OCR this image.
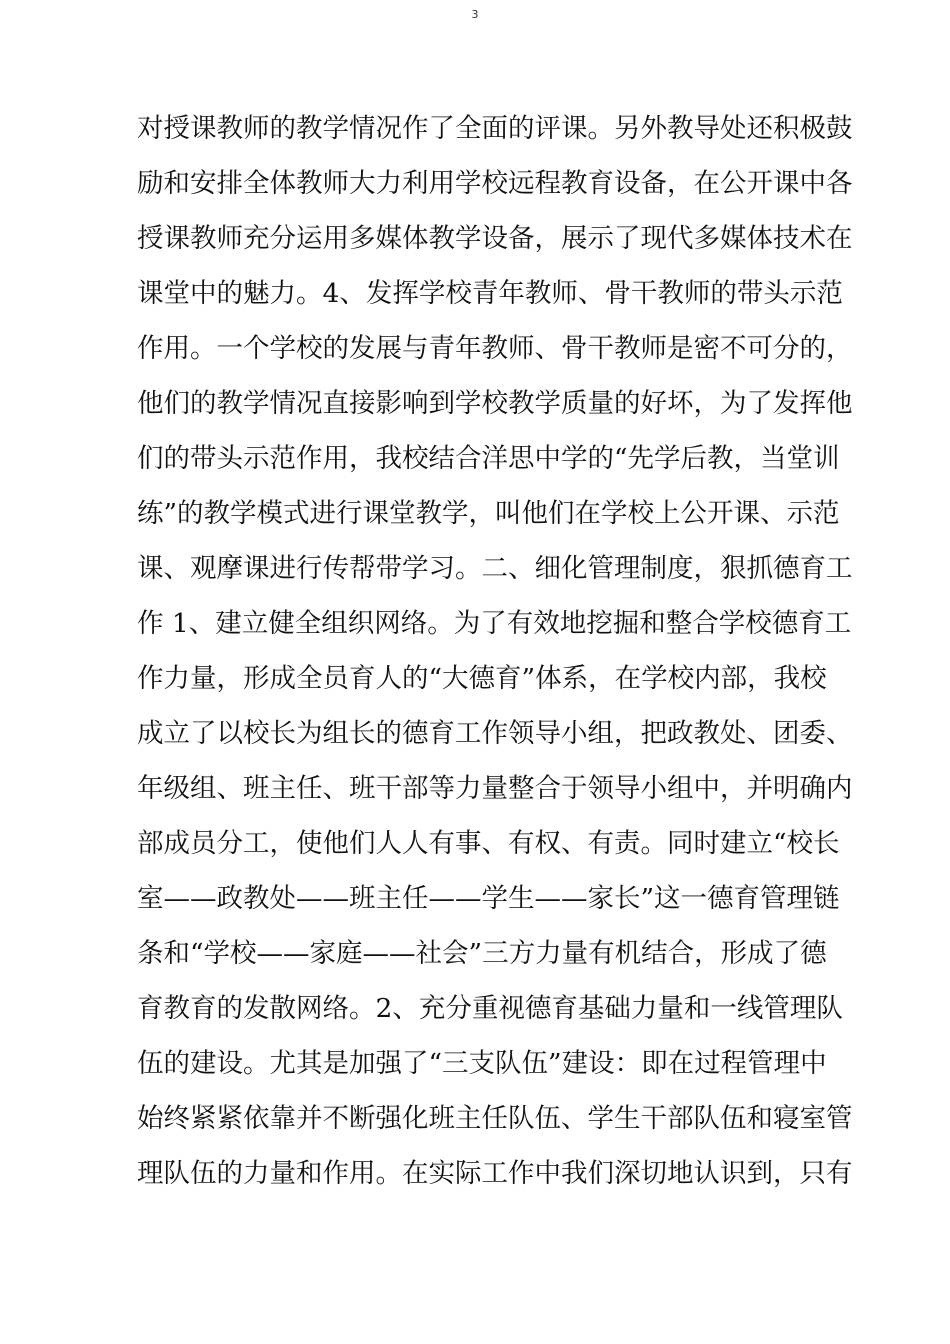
3
对授课教师的教学情况作了全面的评课。另外教导处还积极鼓
励和安排全体教师大力利用学校远程教育设备，在公开课中各
授课教师充分运用多媒体教学设备，展示了现代多媒体技术在
课堂中的魅力。4、发挥学校青年教师、骨干教师的带头示范
作用。一个学校的发展与青年教师、骨干教师是密不可分的，
他们的教学情况直接影响到学校教学质量的好坏，为了发挥他
们的带头示范作用，我校结合洋思中学的“先学后教，当堂训
练”的教学模式进行课堂教学，叫他们在学校上公开课、示范
课、观摩课进行传帮带学习。二、细化管理制度，狠抓德育工
作 1、建立健全组织网络。为了有效地挖掘和整合学校德育工
作力量，形成全员育人的“大德育”体系，在学校内部，我校
成立了以校长为组长的德育工作领导小组，把政教处、团委、
年级组、班主任、班干部等力量整合于领导小组中，并明确内
部成员分工，使他们人人有事、有权、有责。同时建立“校长
室——政教处——班主任——学生——家长”这一德育管理链
条和“学校——家庭——社会”三方力量有机结合，形成了德
育教育的发散网络。2、充分重视德育基础力量和一线管理队
伍的建设。尤其是加强了“三支队伍”建设：即在过程管理中
始终紧紧依靠并不断强化班主任队伍、学生干部队伍和寝室管
理队伍的力量和作用。在实际工作中我们深切地认识到，只有
